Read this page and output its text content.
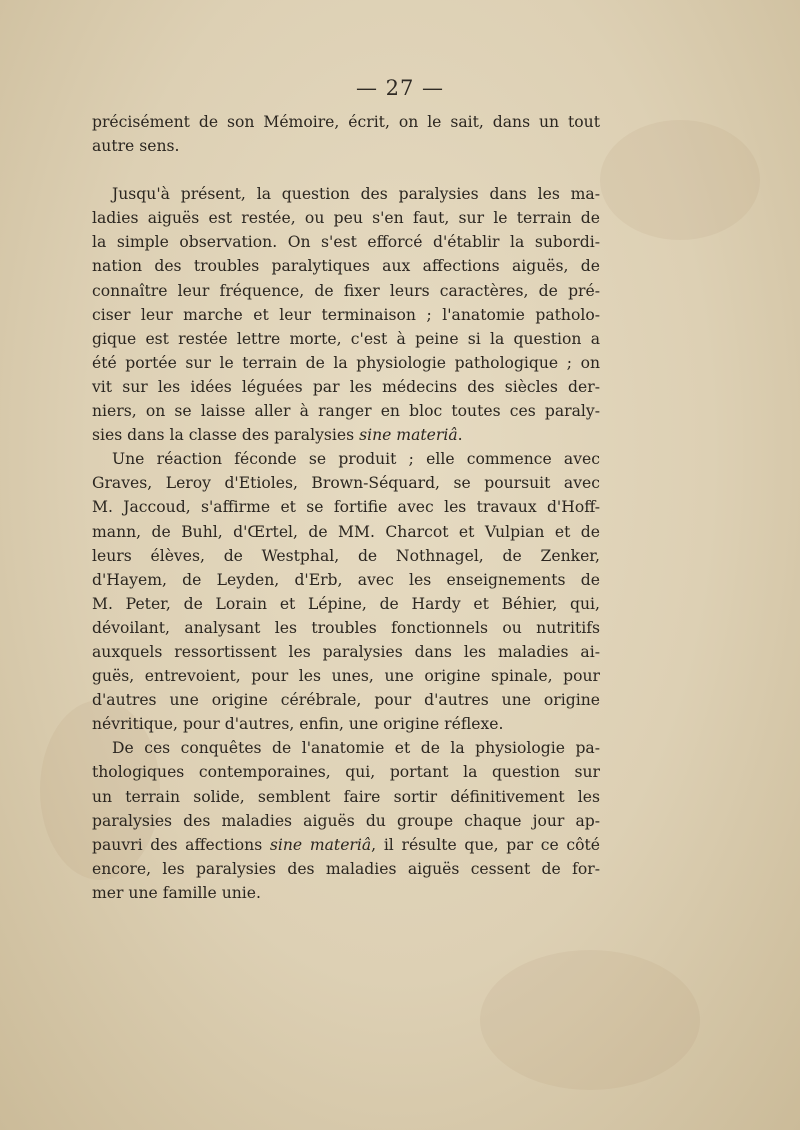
— 27 —
précisément de son Mémoire, écrit, on le sait, dans un tout
autre sens.
Jusqu'à présent, la question des paralysies dans les ma-
ladies aiguës est restée, ou peu s'en faut, sur le terrain de
la simple observation. On s'est efforcé d'établir la subordi-
nation des troubles paralytiques aux affections aiguës, de
connaître leur fréquence, de fixer leurs caractères, de pré-
ciser leur marche et leur terminaison ; l'anatomie patholo-
gique est restée lettre morte, c'est à peine si la question a
été portée sur le terrain de la physiologie pathologique ; on
vit sur les idées léguées par les médecins des siècles der-
niers, on se laisse aller à ranger en bloc toutes ces paraly-
sies dans la classe des paralysies sine materiâ.
Une réaction féconde se produit ; elle commence avec
Graves, Leroy d'Etioles, Brown-Séquard, se poursuit avec
M. Jaccoud, s'affirme et se fortifie avec les travaux d'Hoff-
mann, de Buhl, d'Œrtel, de MM. Charcot et Vulpian et de
leurs élèves, de Westphal, de Nothnagel, de Zenker,
d'Hayem, de Leyden, d'Erb, avec les enseignements de
M. Peter, de Lorain et Lépine, de Hardy et Béhier, qui,
dévoilant, analysant les troubles fonctionnels ou nutritifs
auxquels ressortissent les paralysies dans les maladies ai-
guës, entrevoient, pour les unes, une origine spinale, pour
d'autres une origine cérébrale, pour d'autres une origine
névritique, pour d'autres, enfin, une origine réflexe.
De ces conquêtes de l'anatomie et de la physiologie pa-
thologiques contemporaines, qui, portant la question sur
un terrain solide, semblent faire sortir définitivement les
paralysies des maladies aiguës du groupe chaque jour ap-
pauvri des affections sine materiâ, il résulte que, par ce côté
encore, les paralysies des maladies aiguës cessent de for-
mer une famille unie.
